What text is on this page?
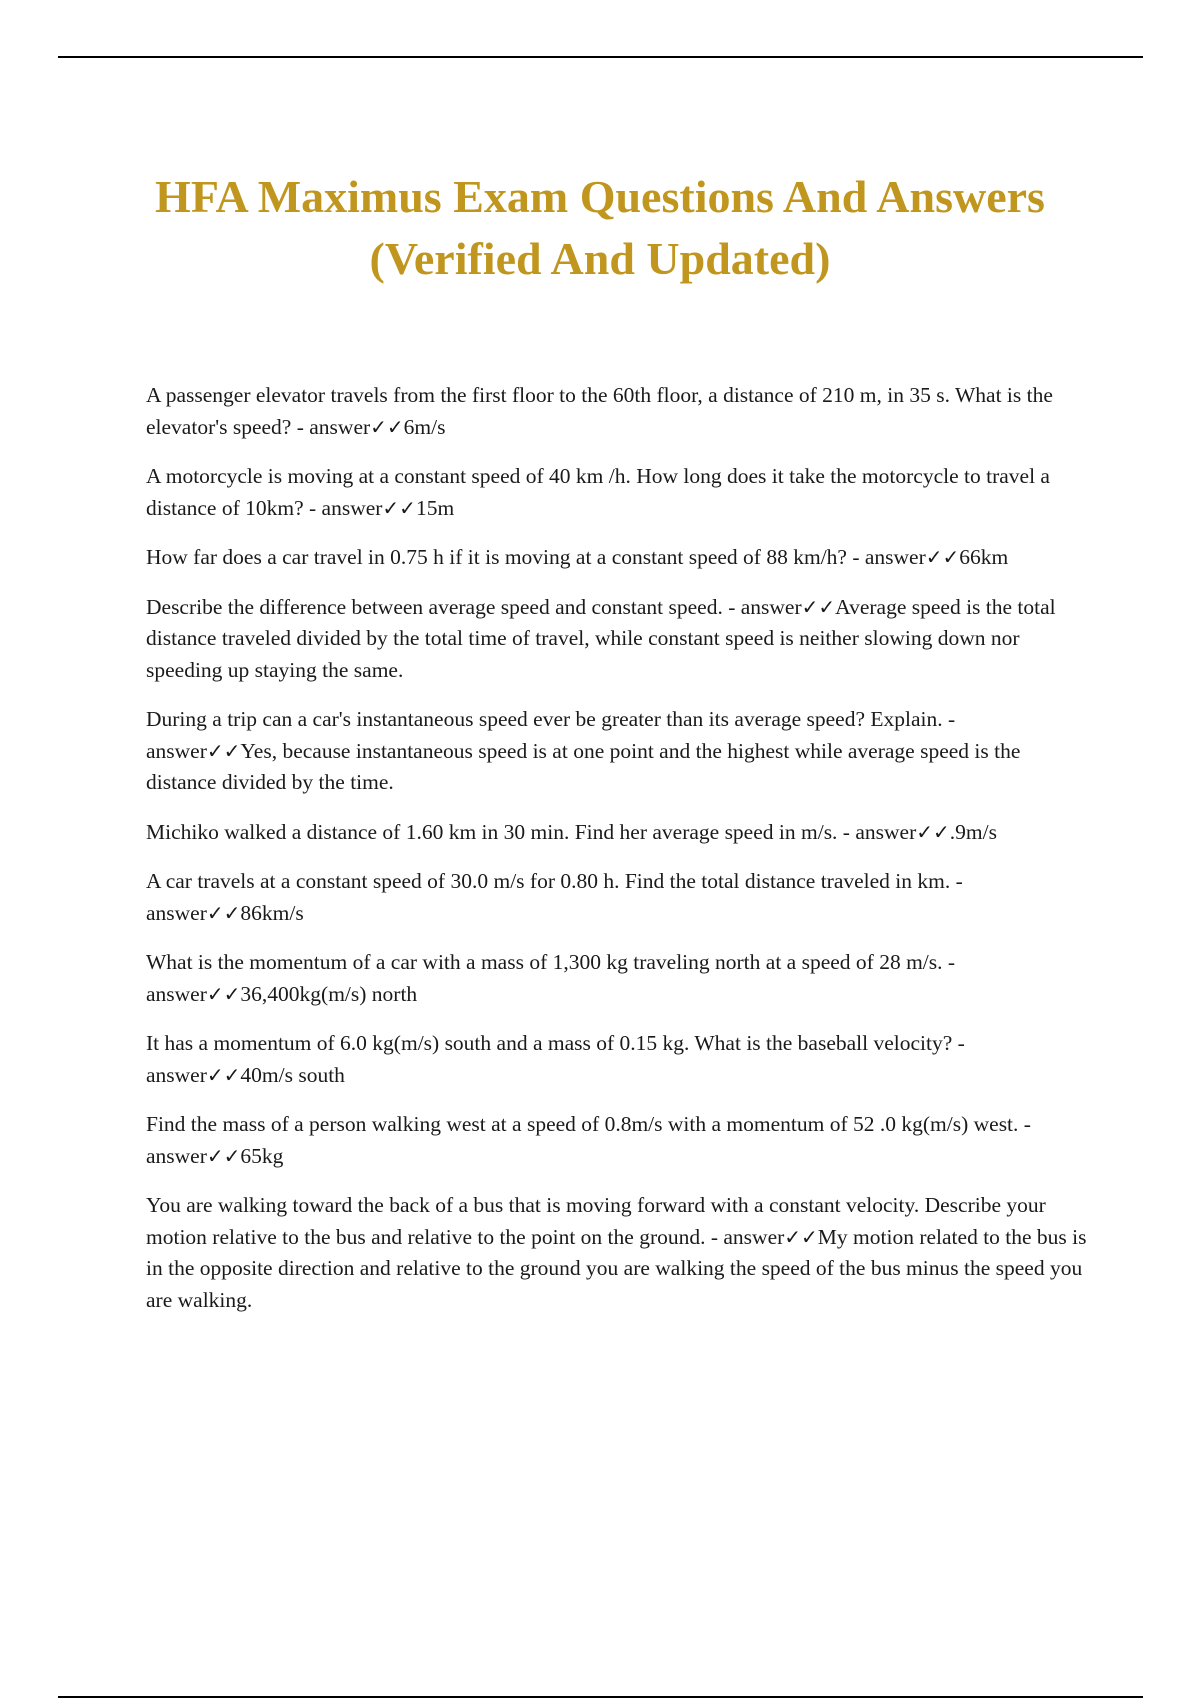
HFA Maximus Exam Questions And Answers (Verified And Updated)

A passenger elevator travels from the first floor to the 60th floor, a distance of 210 m, in 35 s. What is the elevator's speed? - answer✓✓6m/s

A motorcycle is moving at a constant speed of 40 km /h. How long does it take the motorcycle to travel a distance of 10km? - answer✓✓15m

How far does a car travel in 0.75 h if it is moving at a constant speed of 88 km/h? - answer✓✓66km

Describe the difference between average speed and constant speed. - answer✓✓Average speed is the total distance traveled divided by the total time of travel, while constant speed is neither slowing down nor speeding up staying the same.

During a trip can a car's instantaneous speed ever be greater than its average speed? Explain. - answer✓✓Yes, because instantaneous speed is at one point and the highest while average speed is the distance divided by the time.

Michiko walked a distance of 1.60 km in 30 min. Find her average speed in m/s. - answer✓✓.9m/s

A car travels at a constant speed of 30.0 m/s for 0.80 h. Find the total distance traveled in km. - answer✓✓86km/s

What is the momentum of a car with a mass of 1,300 kg traveling north at a speed of 28 m/s. - answer✓✓36,400kg(m/s) north

It has a momentum of 6.0 kg(m/s) south and a mass of 0.15 kg. What is the baseball velocity? - answer✓✓40m/s south

Find the mass of a person walking west at a speed of 0.8m/s with a momentum of 52 .0 kg(m/s) west. - answer✓✓65kg

You are walking toward the back of a bus that is moving forward with a constant velocity. Describe your motion relative to the bus and relative to the point on the ground. - answer✓✓My motion related to the bus is in the opposite direction and relative to the ground you are walking the speed of the bus minus the speed you are walking.
